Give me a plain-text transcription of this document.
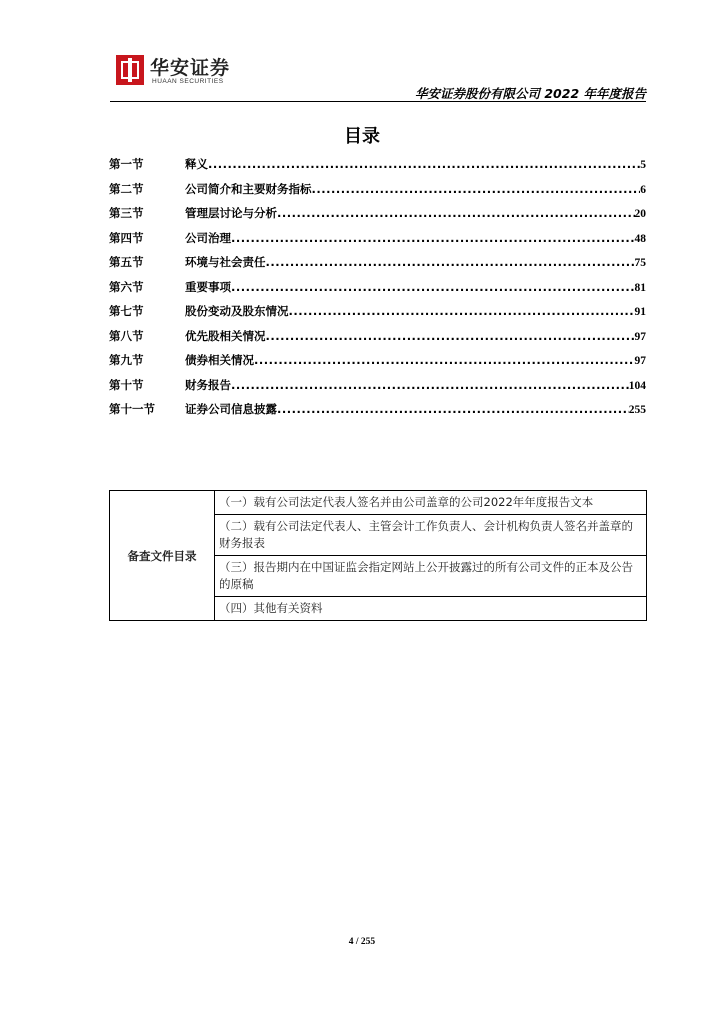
华安证券
HUAAN SECURITIES
华安证券股份有限公司 2022 年年度报告
目录
第一节	释义 .....	5
第二节	公司简介和主要财务指标 .....	6
第三节	管理层讨论与分析 .....	20
第四节	公司治理 .....	48
第五节	环境与社会责任 .....	75
第六节	重要事项 .....	81
第七节	股份变动及股东情况 .....	91
第八节	优先股相关情况 .....	97
第九节	债券相关情况 .....	97
第十节	财务报告 .....	104
第十一节	证券公司信息披露 .....	255
备查文件目录	（一）载有公司法定代表人签名并由公司盖章的公司2022年年度报告文本
（二）载有公司法定代表人、主管会计工作负责人、会计机构负责人签名并盖章的财务报表
（三）报告期内在中国证监会指定网站上公开披露过的所有公司文件的正本及公告的原稿
（四）其他有关资料
4 / 255
